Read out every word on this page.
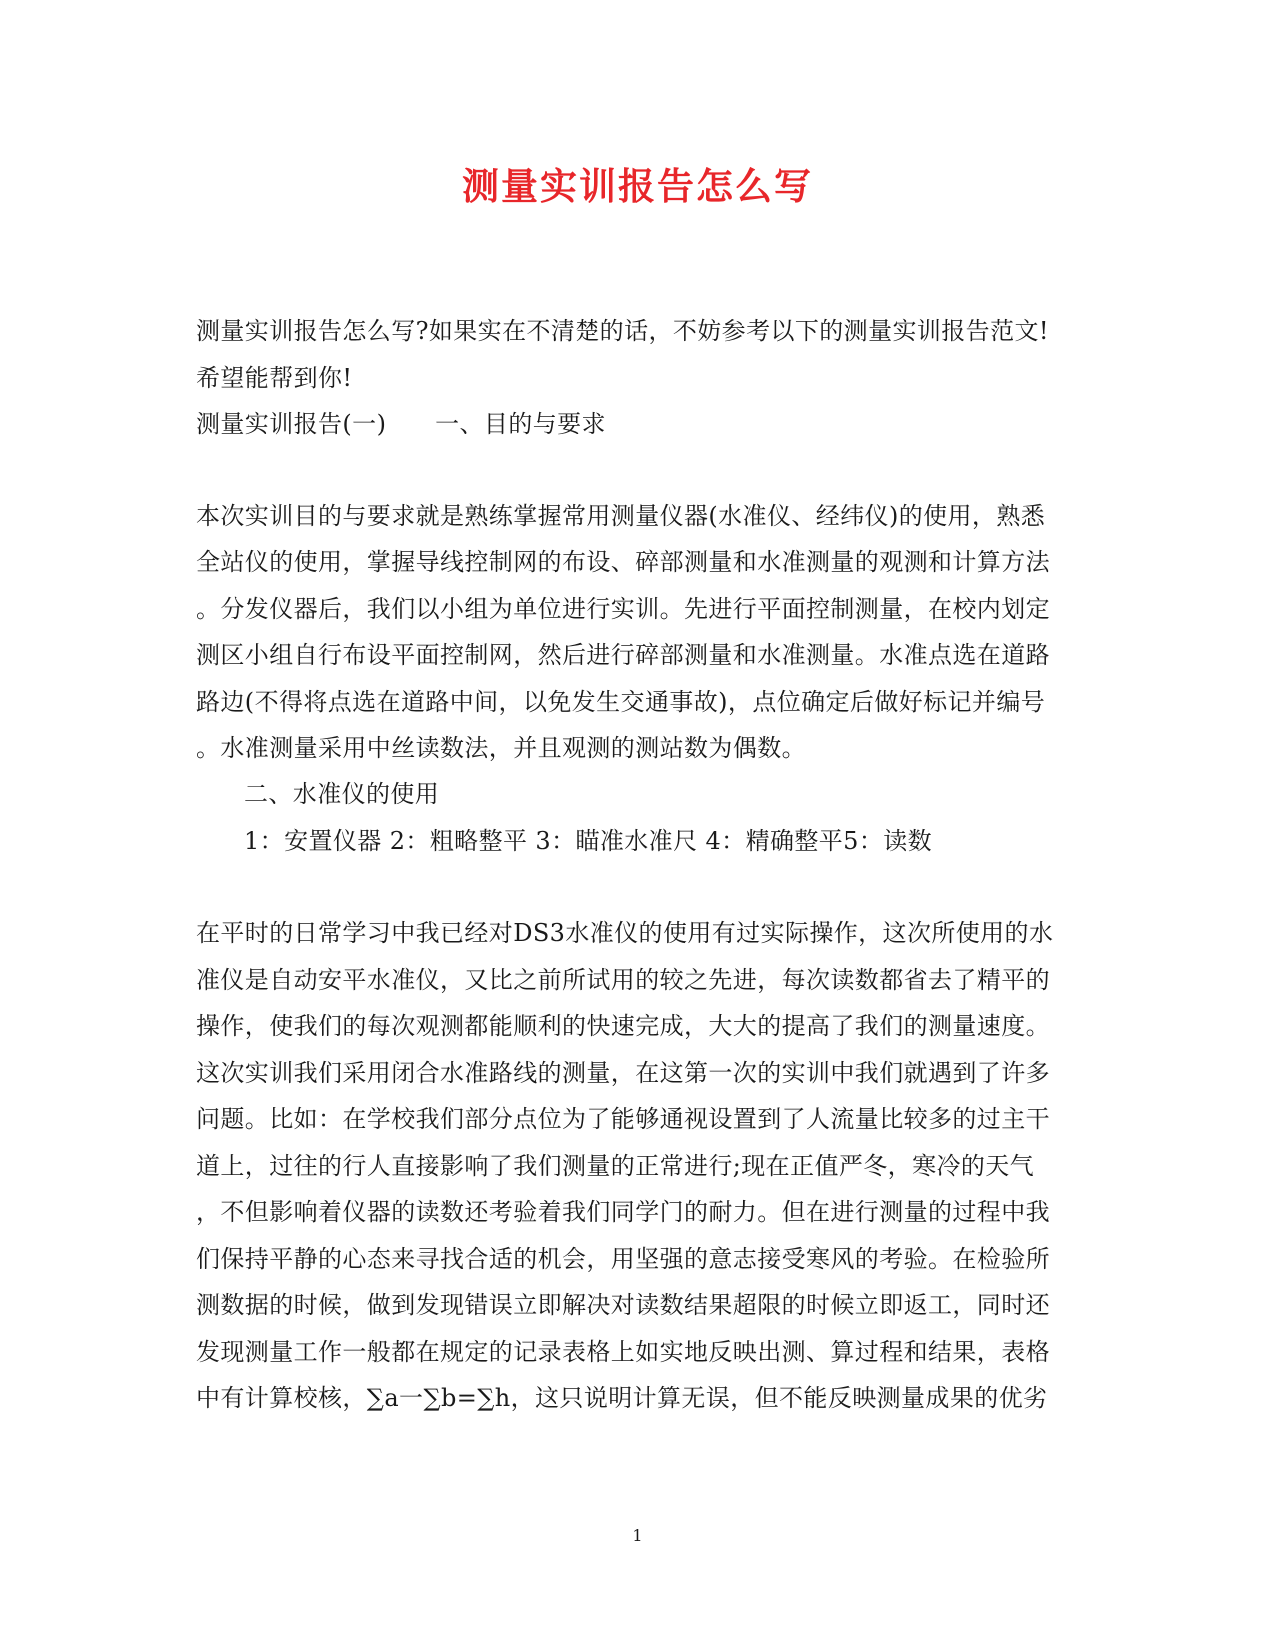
测量实训报告怎么写
测量实训报告怎么写?如果实在不清楚的话，不妨参考以下的测量实训报告范文!
希望能帮到你!
测量实训报告(一)　　一、目的与要求
本次实训目的与要求就是熟练掌握常用测量仪器(水准仪、经纬仪)的使用，熟悉
全站仪的使用，掌握导线控制网的布设、碎部测量和水准测量的观测和计算方法
。分发仪器后，我们以小组为单位进行实训。先进行平面控制测量，在校内划定
测区小组自行布设平面控制网，然后进行碎部测量和水准测量。水准点选在道路
路边(不得将点选在道路中间，以免发生交通事故)，点位确定后做好标记并编号
。水准测量采用中丝读数法，并且观测的测站数为偶数。
二、水准仪的使用
1：安置仪器 2：粗略整平 3：瞄准水准尺 4：精确整平5：读数
在平时的日常学习中我已经对DS3水准仪的使用有过实际操作，这次所使用的水
准仪是自动安平水准仪，又比之前所试用的较之先进，每次读数都省去了精平的
操作，使我们的每次观测都能顺利的快速完成，大大的提高了我们的测量速度。
这次实训我们采用闭合水准路线的测量，在这第一次的实训中我们就遇到了许多
问题。比如：在学校我们部分点位为了能够通视设置到了人流量比较多的过主干
道上，过往的行人直接影响了我们测量的正常进行;现在正值严冬，寒冷的天气
，不但影响着仪器的读数还考验着我们同学门的耐力。但在进行测量的过程中我
们保持平静的心态来寻找合适的机会，用坚强的意志接受寒风的考验。在检验所
测数据的时候，做到发现错误立即解决对读数结果超限的时候立即返工，同时还
发现测量工作一般都在规定的记录表格上如实地反映出测、算过程和结果，表格
中有计算校核，∑a一∑b=∑h，这只说明计算无误，但不能反映测量成果的优劣
1
